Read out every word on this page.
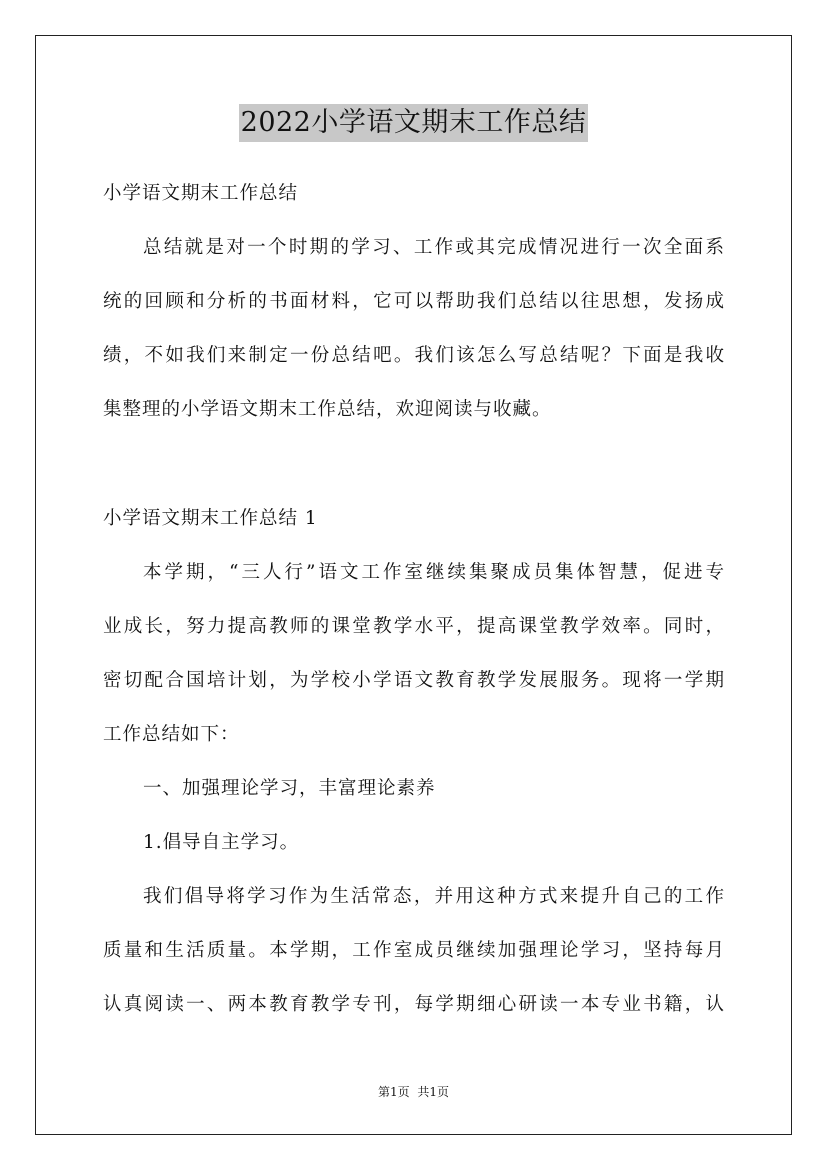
2022小学语文期末工作总结
小学语文期末工作总结
总结就是对一个时期的学习、工作或其完成情况进行一次全面系
统的回顾和分析的书面材料，它可以帮助我们总结以往思想，发扬成
绩，不如我们来制定一份总结吧。我们该怎么写总结呢？下面是我收
集整理的小学语文期末工作总结，欢迎阅读与收藏。
小学语文期末工作总结 1
本学期，“三人行”语文工作室继续集聚成员集体智慧，促进专
业成长，努力提高教师的课堂教学水平，提高课堂教学效率。同时，
密切配合国培计划，为学校小学语文教育教学发展服务。现将一学期
工作总结如下：
一、加强理论学习，丰富理论素养
1.倡导自主学习。
我们倡导将学习作为生活常态，并用这种方式来提升自己的工作
质量和生活质量。本学期，工作室成员继续加强理论学习，坚持每月
认真阅读一、两本教育教学专刊，每学期细心研读一本专业书籍，认
第1页 共1页
